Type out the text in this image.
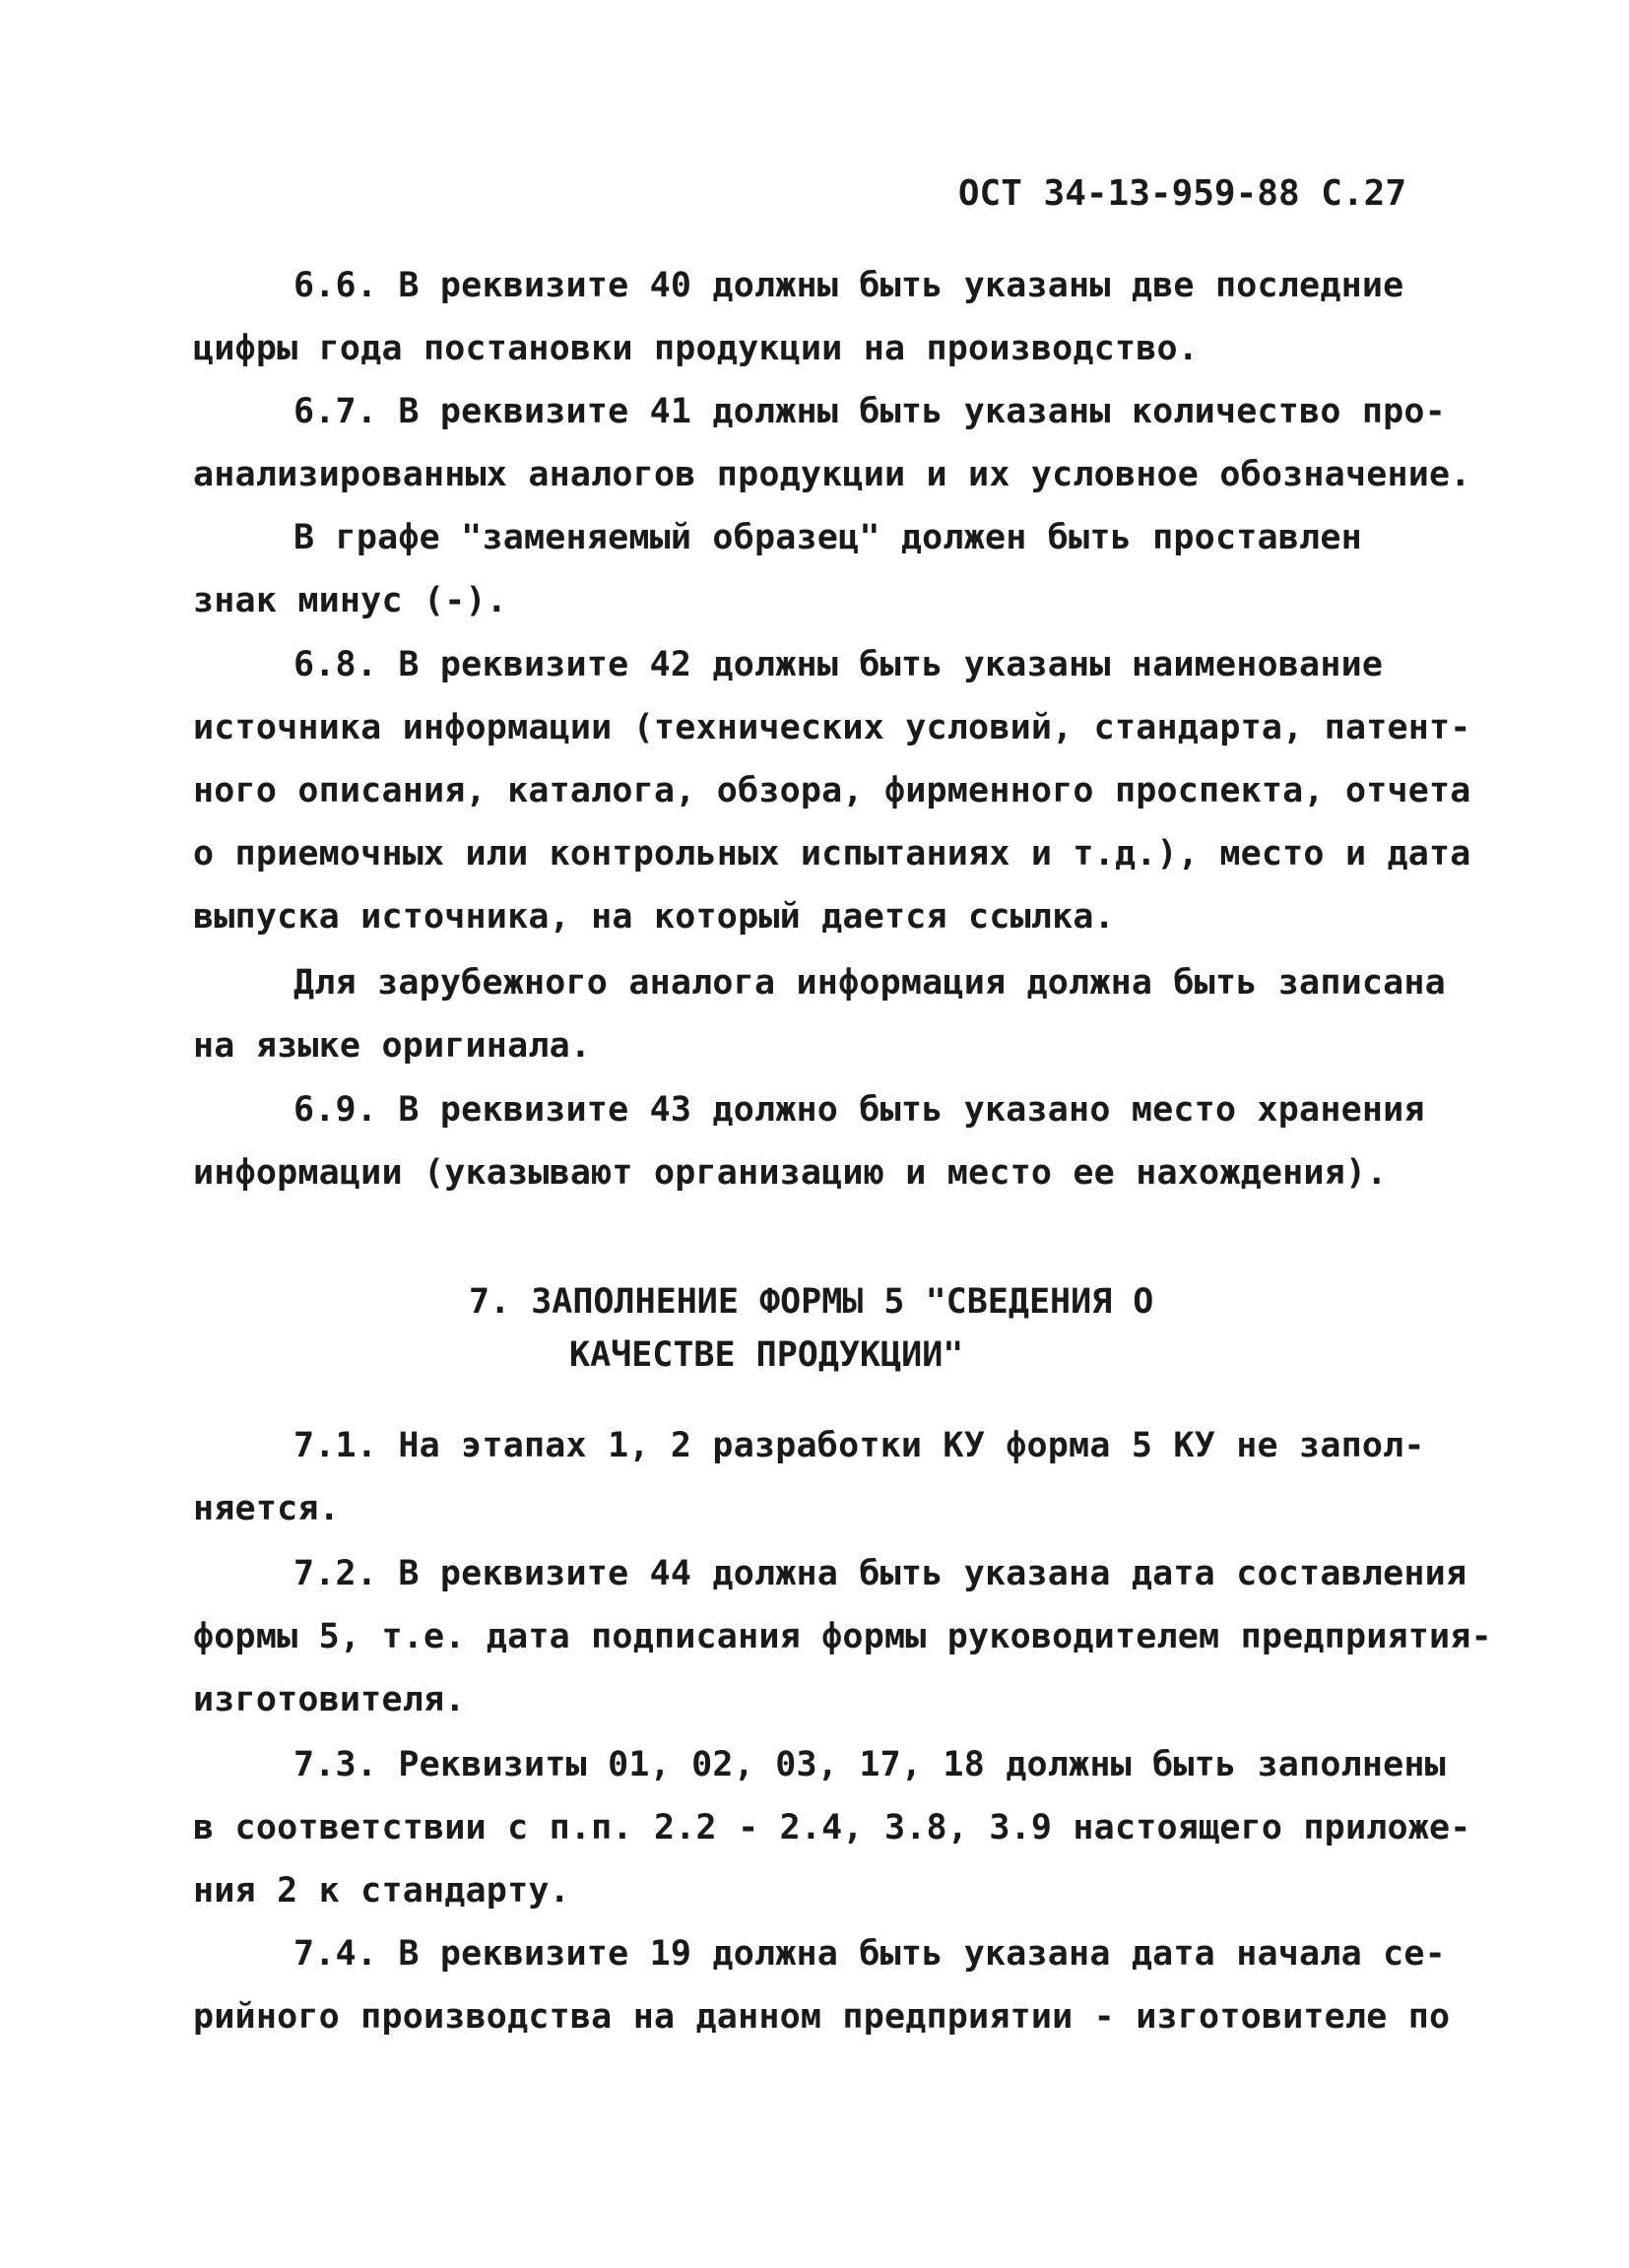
ОСТ 34-13-959-88 С.27
6.6. В реквизите 40 должны быть указаны две последние
цифры года постановки продукции на производство.
6.7. В реквизите 41 должны быть указаны количество про-
анализированных аналогов продукции и их условное обозначение.
В графе "заменяемый образец" должен быть проставлен
знак минус (-).
6.8. В реквизите 42 должны быть указаны наименование
источника информации (технических условий, стандарта, патент-
ного описания, каталога, обзора, фирменного проспекта, отчета
о приемочных или контрольных испытаниях и т.д.), место и дата
выпуска источника, на который дается ссылка.
Для зарубежного аналога информация должна быть записана
на языке оригинала.
6.9. В реквизите 43 должно быть указано место хранения
информации (указывают организацию и место ее нахождения).
7. ЗАПОЛНЕНИЕ ФОРМЫ 5 "СВЕДЕНИЯ О
КАЧЕСТВЕ ПРОДУКЦИИ"
7.1. На этапах 1, 2 разработки КУ форма 5 КУ не запол-
няется.
7.2. В реквизите 44 должна быть указана дата составления
формы 5, т.е. дата подписания формы руководителем предприятия-
изготовителя.
7.3. Реквизиты 01, 02, 03, 17, 18 должны быть заполнены
в соответствии с п.п. 2.2 - 2.4, 3.8, 3.9 настоящего приложе-
ния 2 к стандарту.
7.4. В реквизите 19 должна быть указана дата начала се-
рийного производства на данном предприятии - изготовителе по
